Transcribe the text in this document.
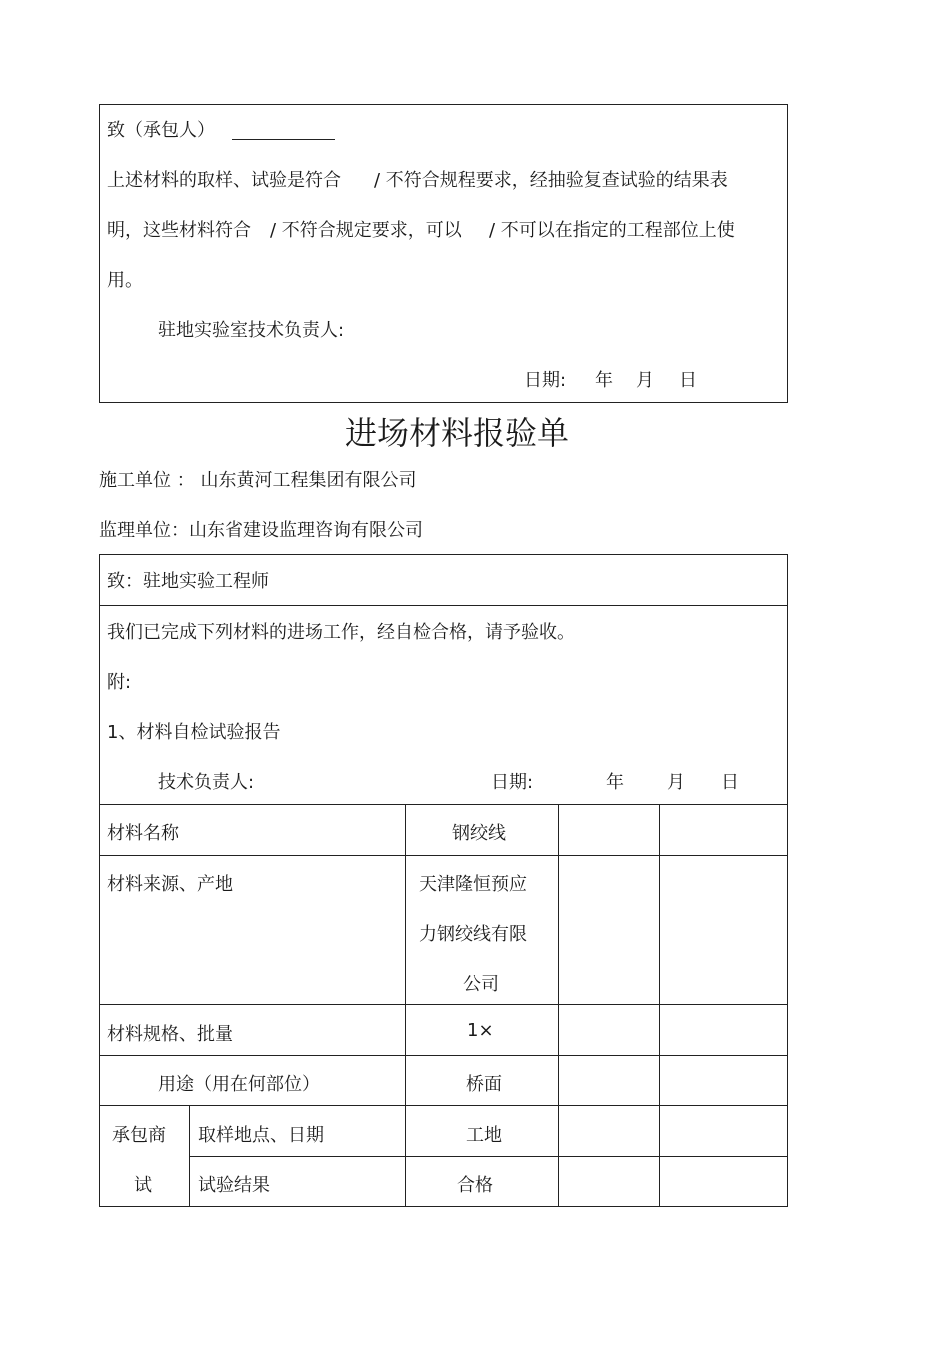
致（承包人）
上述材料的取样、试验是符合 / 不符合规程要求，经抽验复查试验的结果表
明，这些材料符合 / 不符合规定要求，可以 / 不可以在指定的工程部位上使
用。
驻地实验室技术负责人:
日期: 年 月 日
进场材料报验单
施工单位 ： 山东黄河工程集团有限公司
监理单位：山东省建设监理咨询有限公司
致：驻地实验工程师
我们已完成下列材料的进场工作，经自检合格，请予验收。
附:
1、材料自检试验报告
技术负责人:	日期:	年 月 日
材料名称	钢绞线
材料来源、产地	天津隆恒预应
力钢绞线有限
公司
材料规格、批量	1×
用途（用在何部位）	桥面
承包商
试
取样地点、日期	工地
试验结果	合格
